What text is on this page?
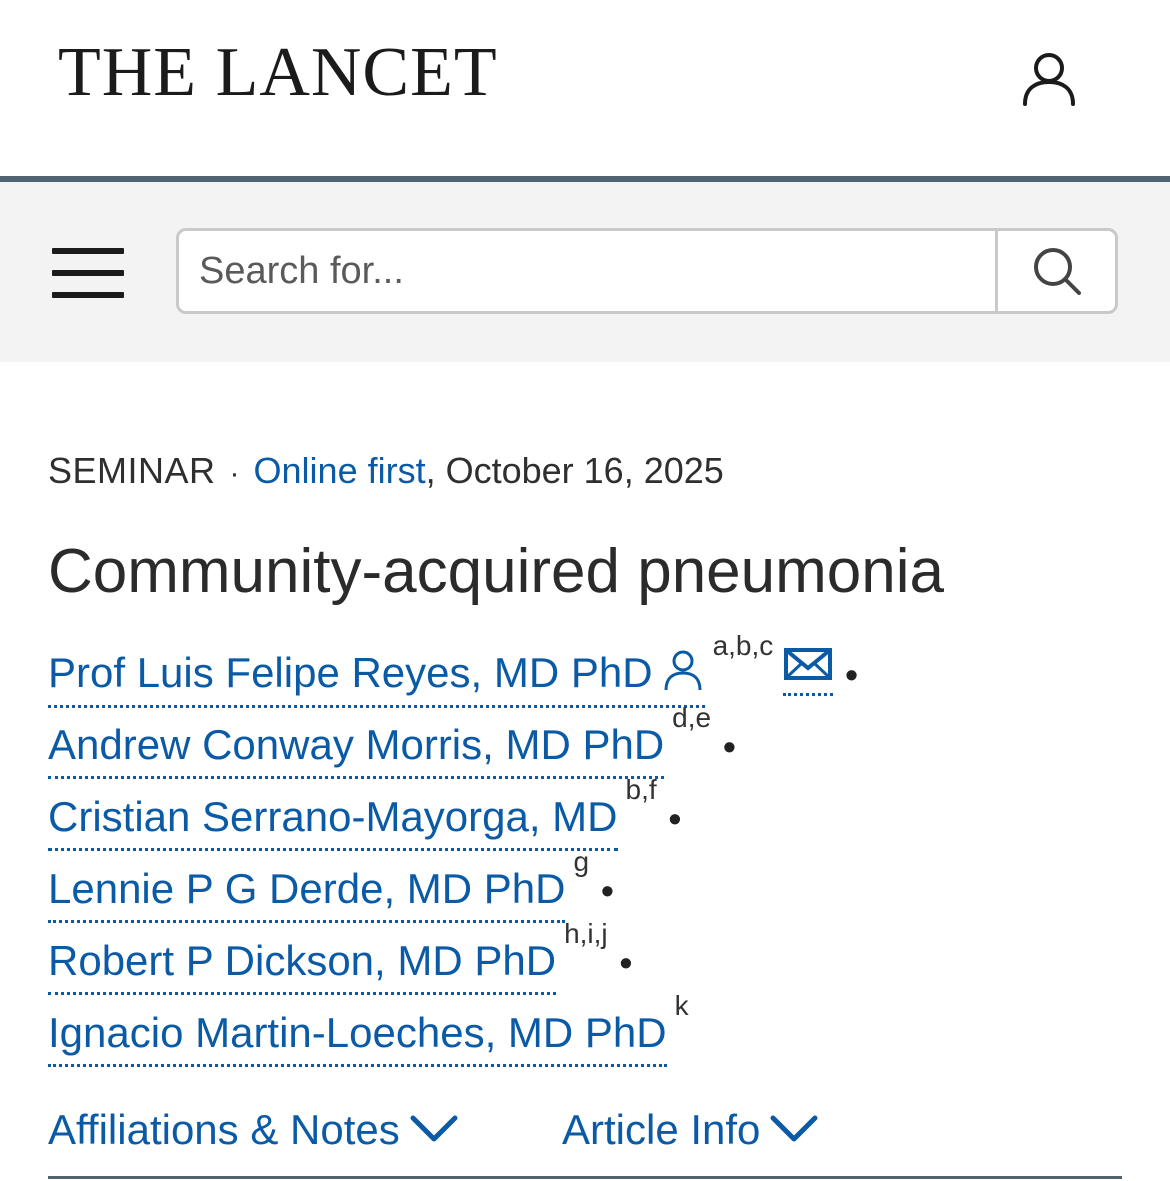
THE LANCET
Search for...
SEMINAR · Online first, October 16, 2025
Community-acquired pneumonia
Prof Luis Felipe Reyes, MD PhD$^{a,b,c}$•
Andrew Conway Morris, MD PhD$^{d,e}$•
Cristian Serrano-Mayorga, MD$^{b,f}$•
Lennie P G Derde, MD PhD$^g$•
Robert P Dickson, MD PhD$^{h,i,j}$•
Ignacio Martin-Loeches, MD PhD$^k$
Affiliations & Notes	Article Info
